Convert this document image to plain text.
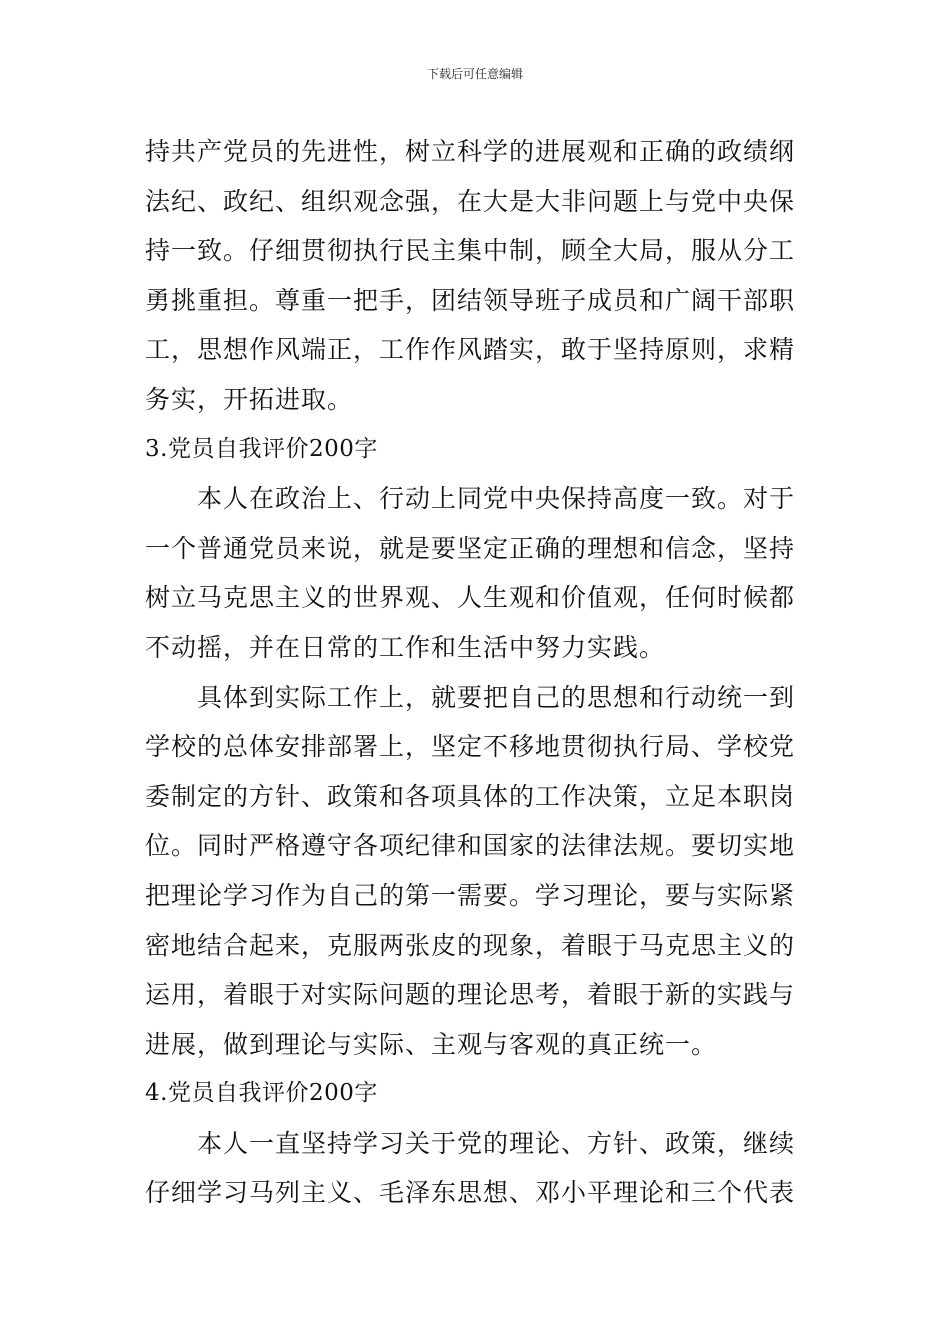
下载后可任意编辑
持共产党员的先进性，树立科学的进展观和正确的政绩纲
法纪、政纪、组织观念强，在大是大非问题上与党中央保
持一致。仔细贯彻执行民主集中制，顾全大局，服从分工
勇挑重担。尊重一把手，团结领导班子成员和广阔干部职
工，思想作风端正，工作作风踏实，敢于坚持原则，求精
务实，开拓进取。
3.党员自我评价200字
本人在政治上、行动上同党中央保持高度一致。对于
一个普通党员来说，就是要坚定正确的理想和信念，坚持
树立马克思主义的世界观、人生观和价值观，任何时候都
不动摇，并在日常的工作和生活中努力实践。
具体到实际工作上，就要把自己的思想和行动统一到
学校的总体安排部署上，坚定不移地贯彻执行局、学校党
委制定的方针、政策和各项具体的工作决策，立足本职岗
位。同时严格遵守各项纪律和国家的法律法规。要切实地
把理论学习作为自己的第一需要。学习理论，要与实际紧
密地结合起来，克服两张皮的现象，着眼于马克思主义的
运用，着眼于对实际问题的理论思考，着眼于新的实践与
进展，做到理论与实际、主观与客观的真正统一。
4.党员自我评价200字
本人一直坚持学习关于党的理论、方针、政策，继续
仔细学习马列主义、毛泽东思想、邓小平理论和三个代表
